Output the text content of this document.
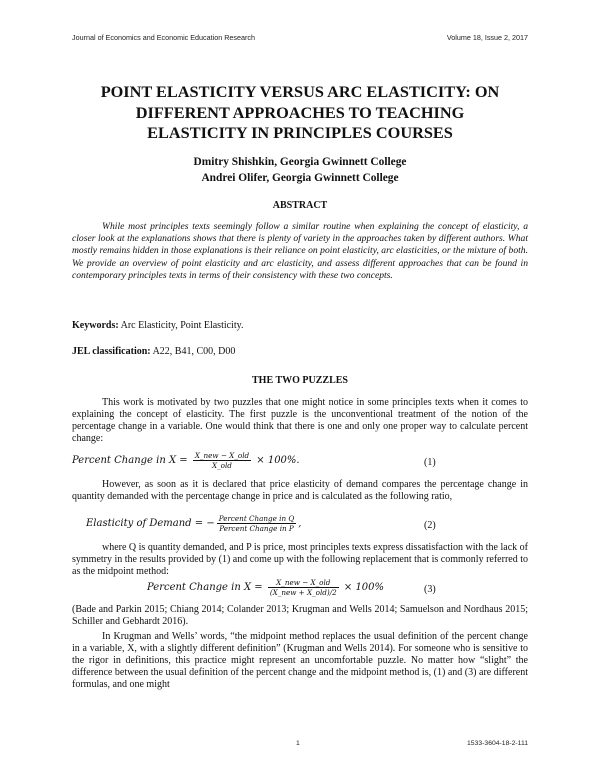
Journal of Economics and Economic Education Research	Volume 18, Issue 2, 2017
POINT ELASTICITY VERSUS ARC ELASTICITY: ON
DIFFERENT APPROACHES TO TEACHING
ELASTICITY IN PRINCIPLES COURSES
Dmitry Shishkin, Georgia Gwinnett College
Andrei Olifer, Georgia Gwinnett College
ABSTRACT
While most principles texts seemingly follow a similar routine when explaining the concept of elasticity, a closer look at the explanations shows that there is plenty of variety in the approaches taken by different authors. What mostly remains hidden in those explanations is their reliance on point elasticity, arc elasticities, or the mixture of both. We provide an overview of point elasticity and arc elasticity, and assess different approaches that can be found in contemporary principles texts in terms of their consistency with these two concepts.
Keywords: Arc Elasticity, Point Elasticity.
JEL classification: A22, B41, C00, D00
THE TWO PUZZLES
This work is motivated by two puzzles that one might notice in some principles texts when it comes to explaining the concept of elasticity. The first puzzle is the unconventional treatment of the notion of the percentage change in a variable. One would think that there is one and only one proper way to calculate percent change:
Percent Change in $X = \frac{\text{X\_new − X\_old}}{\text{X\_old}} \times 100\%$.	(1)
However, as soon as it is declared that price elasticity of demand compares the percentage change in quantity demanded with the percentage change in price and is calculated as the following ratio,
Elasticity of Demand = − $\frac{\text{Percent Change in Q}}{\text{Percent Change in P}}$ ,	(2)
where Q is quantity demanded, and P is price, most principles texts express dissatisfaction with the lack of symmetry in the results provided by (1) and come up with the following replacement that is commonly referred to as the midpoint method:
Percent Change in $X = \frac{\text{X\_new − X\_old}}{\text{(X\_new + X\_old)/2}} \times 100\%$	(3)
(Bade and Parkin 2015; Chiang 2014; Colander 2013; Krugman and Wells 2014; Samuelson and Nordhaus 2015; Schiller and Gebhardt 2016).
In Krugman and Wells’ words, “the midpoint method replaces the usual definition of the percent change in a variable, X, with a slightly different definition” (Krugman and Wells 2014). For someone who is sensitive to the rigor in definitions, this practice might represent an uncomfortable puzzle. No matter how “slight” the difference between the usual definition of the percent change and the midpoint method is, (1) and (3) are different formulas, and one might
1	1533-3604-18-2-111
